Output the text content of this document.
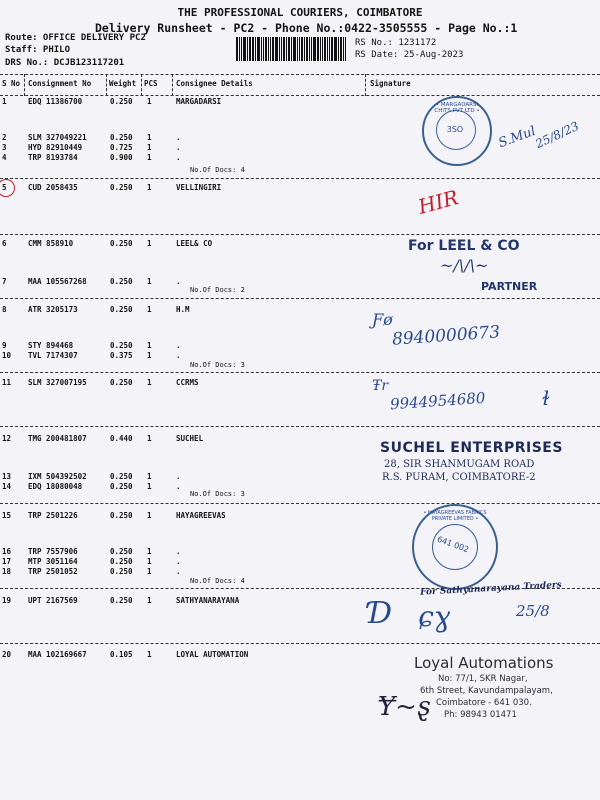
THE PROFESSIONAL COURIERS, COIMBATORE
Delivery Runsheet - PC2 - Phone No.:0422-3505555 - Page No.:1
Route: OFFICE DELIVERY PC2
Staff: PHILO
DRS No.: DCJB123117201
RS No.: 1231172
RS Date: 25-Aug-2023
S No Consignment No Weight PCS Consignee Details	Signature
1	EDQ 11386700	0.250 1	MARGADARSI
2	SLM 327049221	0.250 1	.
3	HYD 82910449	0.725 1	.
4	TRP 8193784	0.900 1	.
No.Of Docs: 4
5	CUD 2058435	0.250 1	VELLINGIRI
6	CMM 858910	0.250 1	LEEL& CO
7	MAA 105567268	0.250 1	.
No.Of Docs: 2
8	ATR 3205173	0.250 1	H.M
9	STY 894468	0.250 1	.
10 TVL 7174307	0.375 1	.
No.Of Docs: 3
11 SLM 327007195	0.250 1	CCRMS
12 TMG 200481807	0.440 1	SUCHEL
13 IXM 504392502	0.250 1	.
14 EDQ 18080048	0.250 1	.
No.Of Docs: 3
15 TRP 2501226	0.250 1	HAYAGREEVAS
16 TRP 7557906	0.250 1	.
17 MTP 3051164	0.250 1	.
18 TRP 2501052	0.250 1	.
No.Of Docs: 4
19 UPT 2167569	0.250 1	SATHYANARAYANA
20 MAA 102169667	0.105 1	LOYAL AUTOMATION
• MARGADARSI CHITS PVT LTD •
3SO	S.Mul
25/8/23
HIR
For LEEL & CO
~/\/\~
PARTNER
Ƒø
8940000673
Ŧr
9944954680	ɫ
SUCHEL ENTERPRISES
28, SIR SHANMUGAM ROAD
R.S. PURAM, COIMBATORE-2
• HAYAGREEVAS FABRICS PRIVATE LIMITED •
641 002
For Sathyanarayana Traders
Ɗ ɕɣ	25/8
Loyal Automations
No: 77/1, SKR Nagar,
6th Street, Kavundampalayam,
Coimbatore - 641 030.
Ph: 98943 01471
Ɏ~ȿ
